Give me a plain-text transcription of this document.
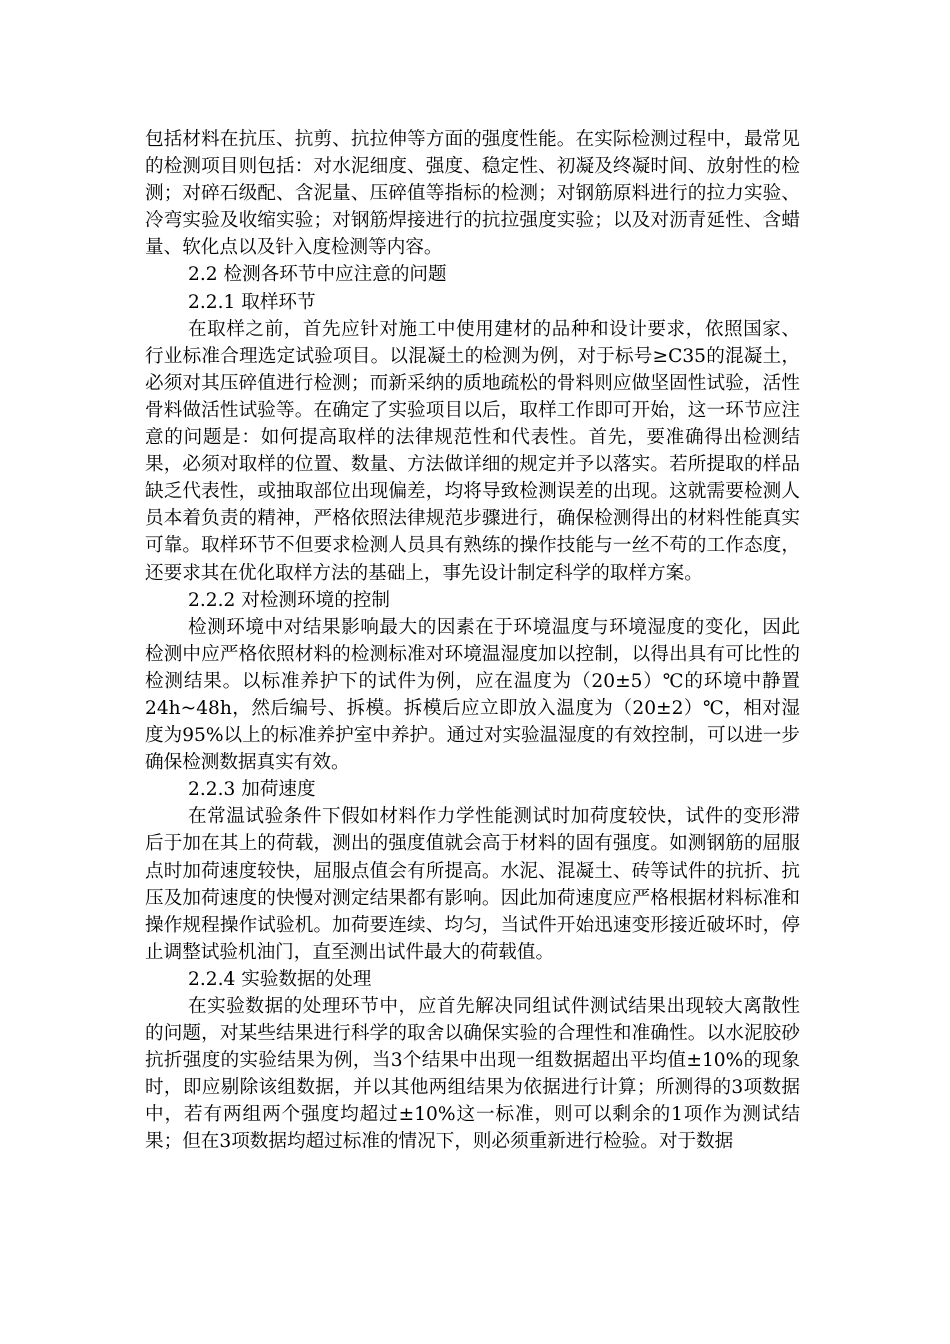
包括材料在抗压、抗剪、抗拉伸等方面的强度性能。在实际检测过程中，最常见的检测项目则包括：对水泥细度、强度、稳定性、初凝及终凝时间、放射性的检测；对碎石级配、含泥量、压碎值等指标的检测；对钢筋原料进行的拉力实验、冷弯实验及收缩实验；对钢筋焊接进行的抗拉强度实验；以及对沥青延性、含蜡量、软化点以及针入度检测等内容。

2.2 检测各环节中应注意的问题

2.2.1 取样环节

在取样之前，首先应针对施工中使用建材的品种和设计要求，依照国家、行业标准合理选定试验项目。以混凝土的检测为例，对于标号≥C35的混凝土，必须对其压碎值进行检测；而新采纳的质地疏松的骨料则应做坚固性试验，活性骨料做活性试验等。在确定了实验项目以后，取样工作即可开始，这一环节应注意的问题是：如何提高取样的法律规范性和代表性。首先，要准确得出检测结果，必须对取样的位置、数量、方法做详细的规定并予以落实。若所提取的样品缺乏代表性，或抽取部位出现偏差，均将导致检测误差的出现。这就需要检测人员本着负责的精神，严格依照法律规范步骤进行，确保检测得出的材料性能真实可靠。取样环节不但要求检测人员具有熟练的操作技能与一丝不苟的工作态度，还要求其在优化取样方法的基础上，事先设计制定科学的取样方案。

2.2.2 对检测环境的控制

检测环境中对结果影响最大的因素在于环境温度与环境湿度的变化，因此检测中应严格依照材料的检测标准对环境温湿度加以控制，以得出具有可比性的检测结果。以标准养护下的试件为例，应在温度为（20±5）℃的环境中静置24h~48h，然后编号、拆模。拆模后应立即放入温度为（20±2）℃，相对湿度为95%以上的标准养护室中养护。通过对实验温湿度的有效控制，可以进一步确保检测数据真实有效。

2.2.3 加荷速度

在常温试验条件下假如材料作力学性能测试时加荷度较快，试件的变形滞后于加在其上的荷载，测出的强度值就会高于材料的固有强度。如测钢筋的屈服点时加荷速度较快，屈服点值会有所提高。水泥、混凝土、砖等试件的抗折、抗压及加荷速度的快慢对测定结果都有影响。因此加荷速度应严格根据材料标准和操作规程操作试验机。加荷要连续、均匀，当试件开始迅速变形接近破坏时，停止调整试验机油门，直至测出试件最大的荷载值。

2.2.4 实验数据的处理

在实验数据的处理环节中，应首先解决同组试件测试结果出现较大离散性的问题，对某些结果进行科学的取舍以确保实验的合理性和准确性。以水泥胶砂抗折强度的实验结果为例，当3个结果中出现一组数据超出平均值±10%的现象时，即应剔除该组数据，并以其他两组结果为依据进行计算；所测得的3项数据中，若有两组两个强度均超过±10%这一标准，则可以剩余的1项作为测试结果；但在3项数据均超过标准的情况下，则必须重新进行检验。对于数据
